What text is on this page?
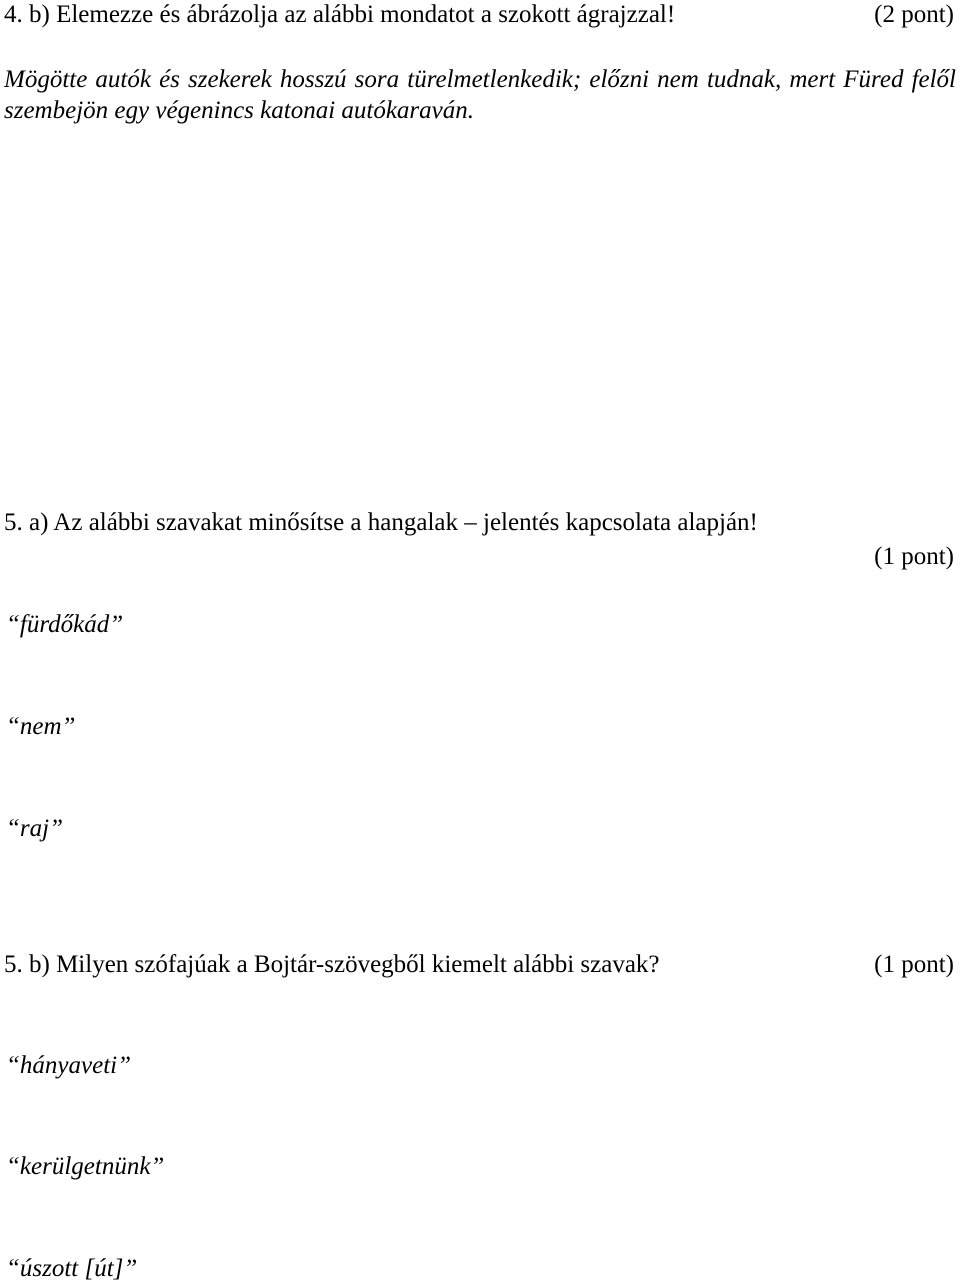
4. b) Elemezze és ábrázolja az alábbi mondatot a szokott ágrajzzal!	(2 pont)
Mögötte autók és szekerek hosszú sora türelmetlenkedik; előzni nem tudnak, mert Füred felől szembejön egy végenincs katonai autókaraván.
5. a) Az alábbi szavakat minősítse a hangalak – jelentés kapcsolata alapján!
(1 pont)
“fürdőkád”
“nem”
“raj”
5. b) Milyen szófajúak a Bojtár-szövegből kiemelt alábbi szavak?	(1 pont)
“hányaveti”
“kerülgetnünk”
“úszott [út]”
